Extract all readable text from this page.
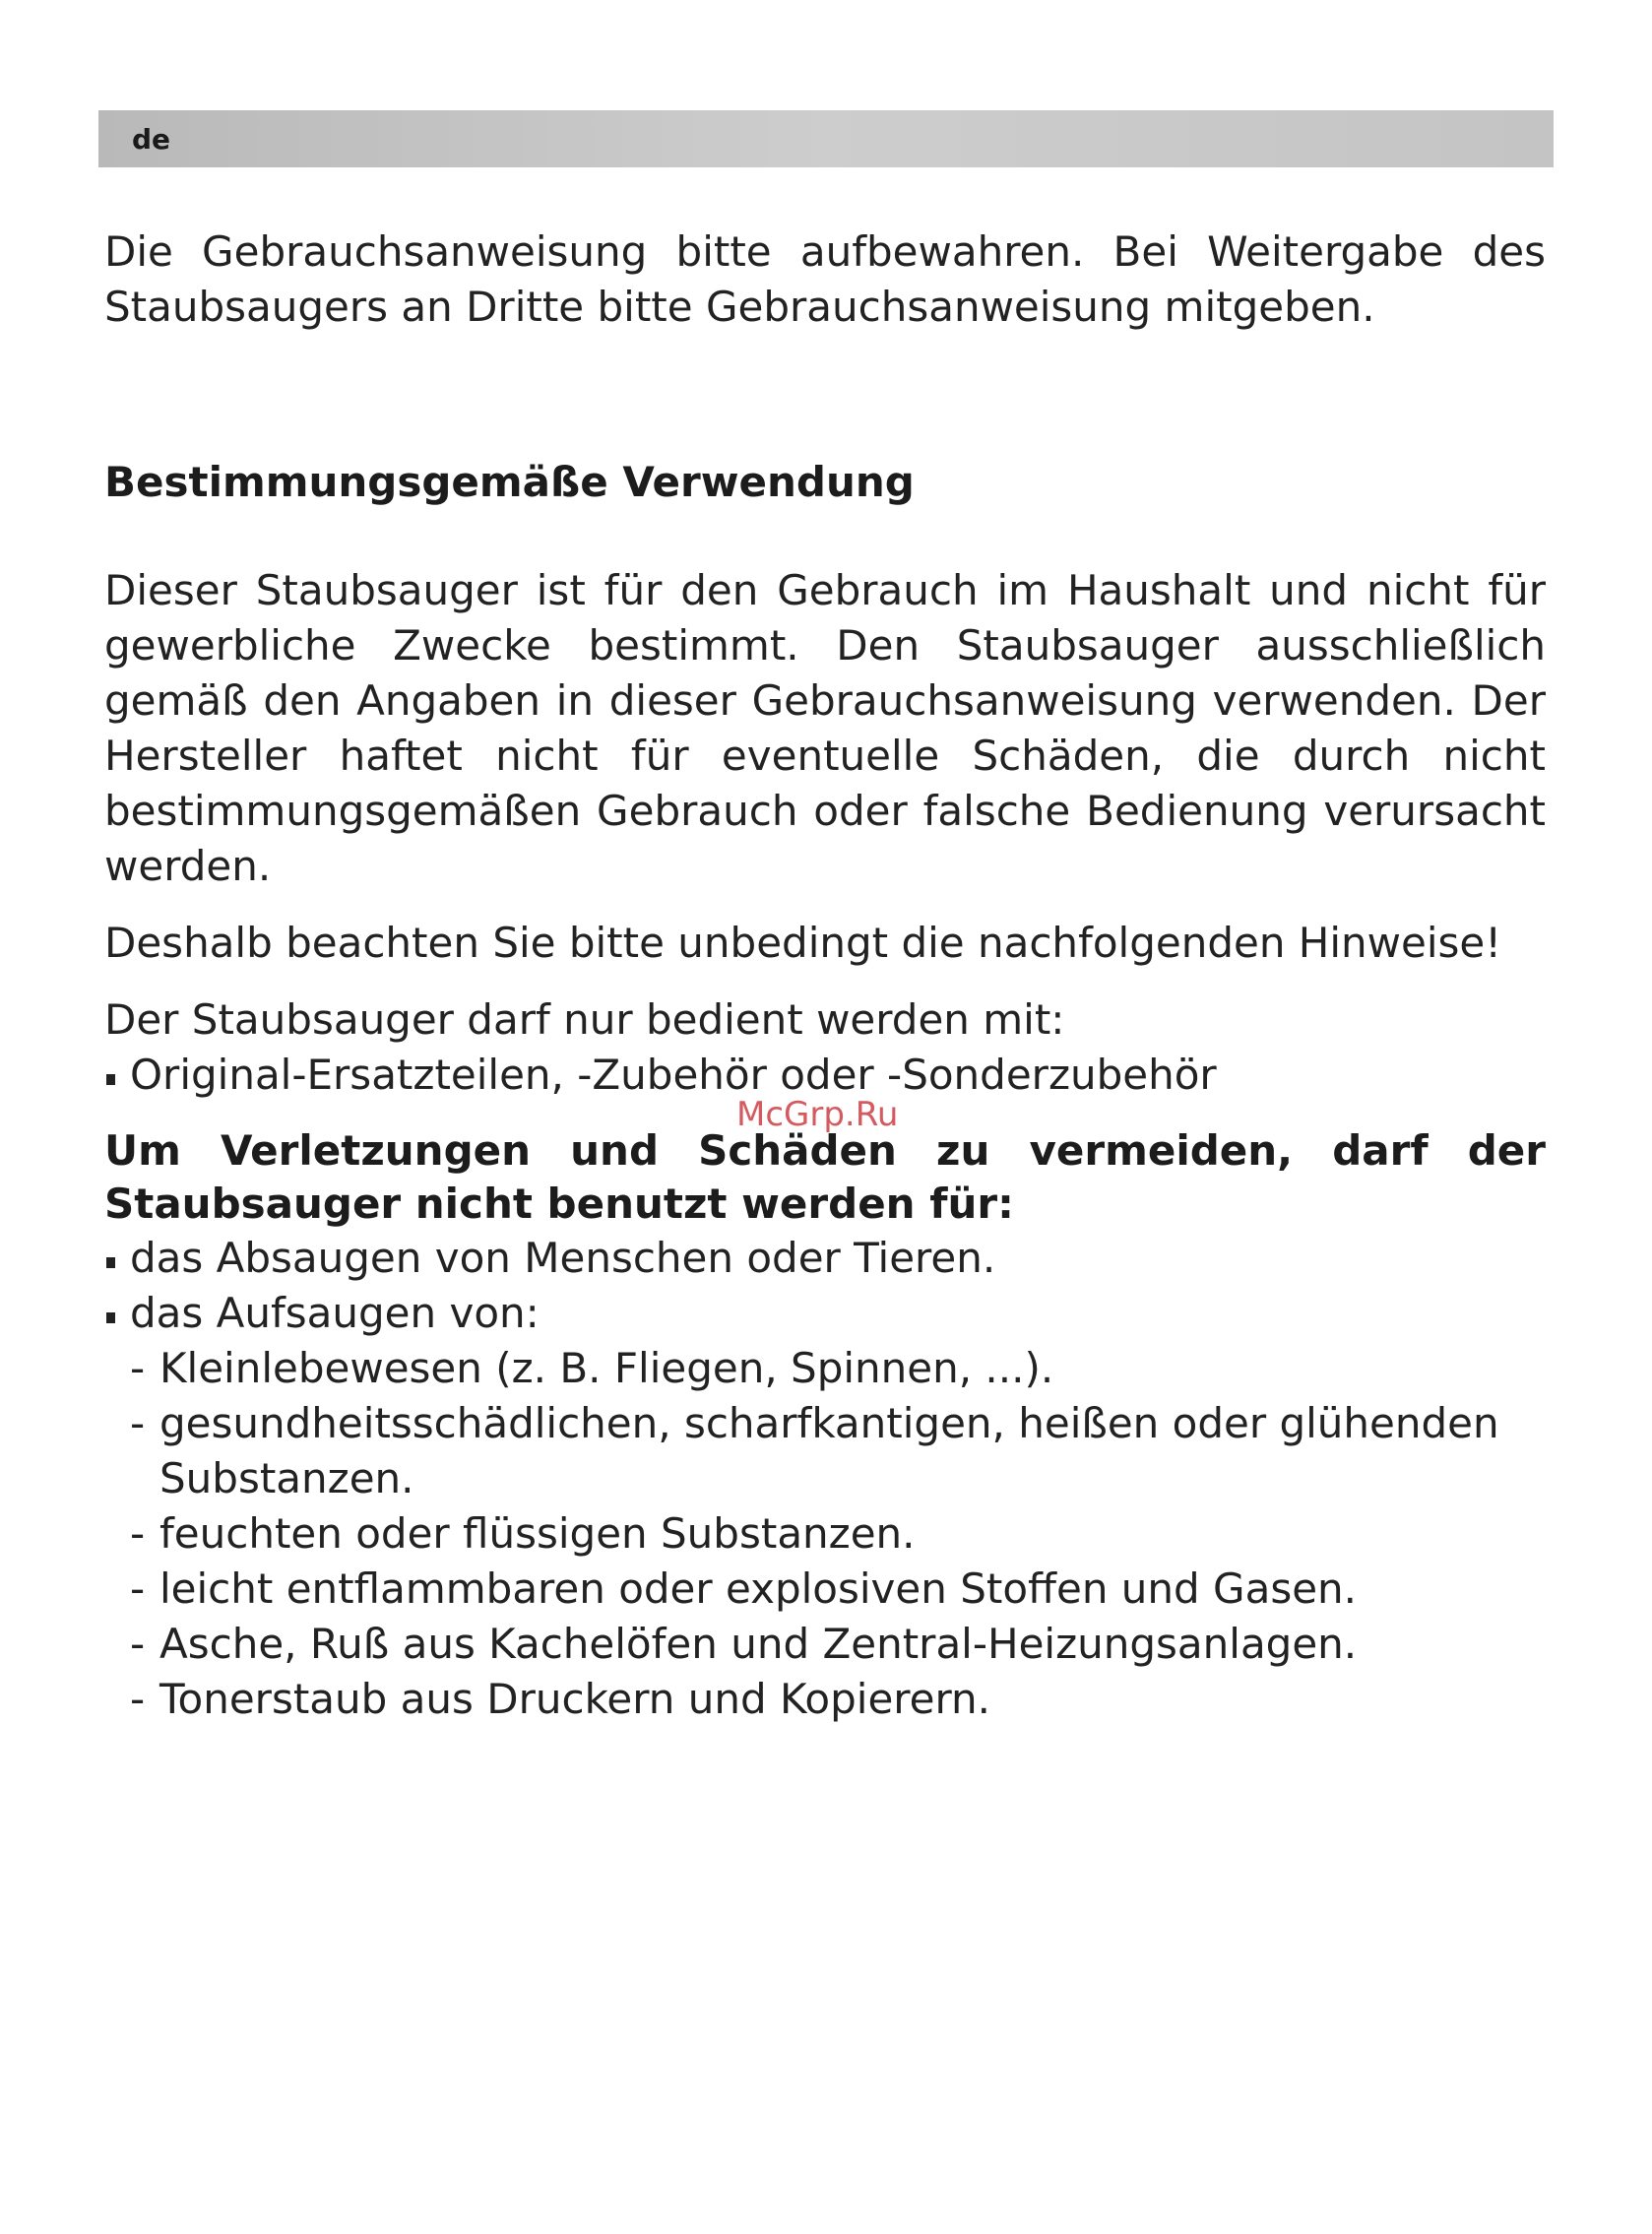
de

Die Gebrauchsanweisung bitte aufbewahren. Bei Weitergabe des Staubsaugers an Dritte bitte Gebrauchsanweisung mitgeben.

Bestimmungsgemäße Verwendung

Dieser Staubsauger ist für den Gebrauch im Haushalt und nicht für gewerbliche Zwecke bestimmt. Den Staubsauger ausschließlich gemäß den Angaben in dieser Gebrauchsanweisung verwenden. Der Hersteller haftet nicht für eventuelle Schäden, die durch nicht bestimmungsgemäßen Gebrauch oder falsche Bedienung verursacht werden.

Deshalb beachten Sie bitte unbedingt die nachfolgenden Hinweise!

Der Staubsauger darf nur bedient werden mit:

Original-Ersatzteilen, -Zubehör oder -Sonderzubehör

Um Verletzungen und Schäden zu vermeiden, darf der Staubsauger nicht benutzt werden für:

das Absaugen von Menschen oder Tieren.
das Aufsaugen von:
- Kleinlebewesen (z. B. Fliegen, Spinnen, ...).
- gesundheitsschädlichen, scharfkantigen, heißen oder glühenden Substanzen.
- feuchten oder flüssigen Substanzen.
- leicht entflammbaren oder explosiven Stoffen und Gasen.
- Asche, Ruß aus Kachelöfen und Zentral-Heizungsanlagen.
- Tonerstaub aus Druckern und Kopierern.
McGrp.Ru
